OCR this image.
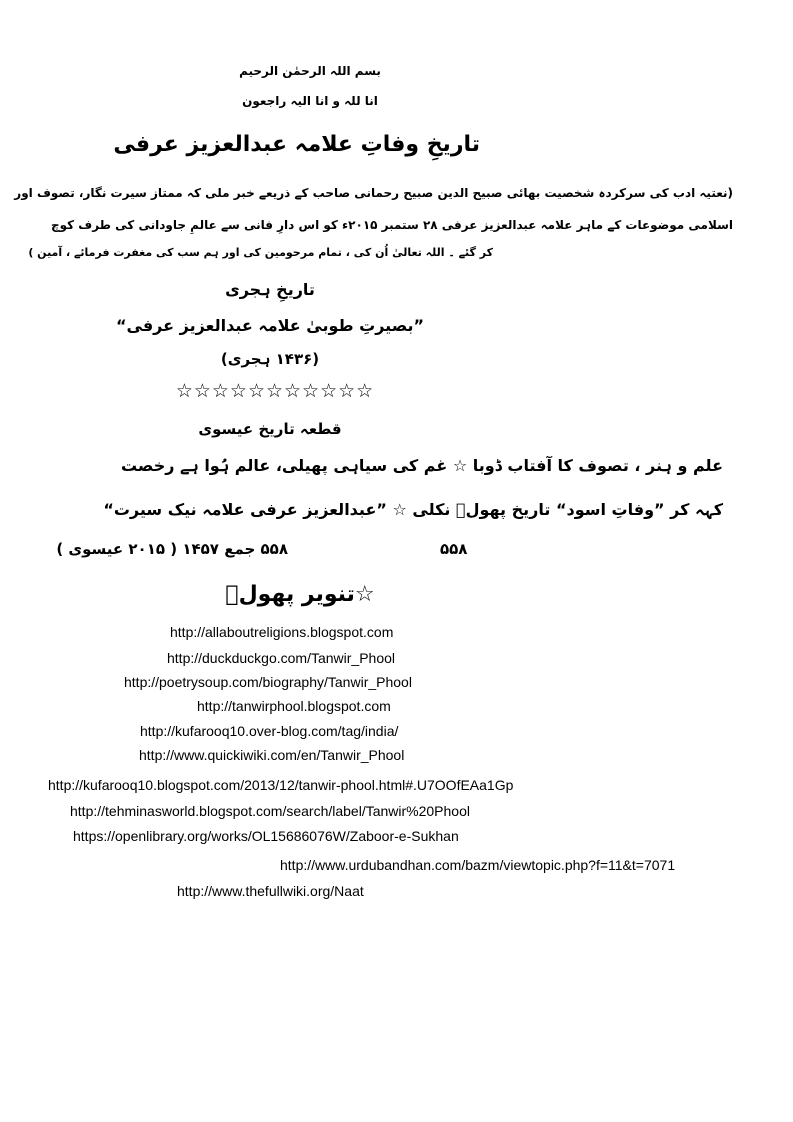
بسم اللہ الرحمٰن الرحیم
انا للہ و انا الیہ راجعون
تاریخِ وفاتِ علامہ عبدالعزیز عرفی
(نعتیہ ادب کی سرکردہ شخصیت بھائی صبیح الدین صبیح رحمانی صاحب کے ذریعے خبر ملی کہ ممتاز سیرت نگار، تصوف اور
اسلامی موضوعات کے ماہر علامہ عبدالعزیز عرفی ۲۸ ستمبر ۲۰۱۵ء کو اس دارِ فانی سے عالمِ جاودانی کی طرف کوچ
کر گئے ۔ اللہ تعالیٰ اُن کی ، تمام مرحومین کی اور ہم سب کی مغفرت فرمائے ، آمین )
تاریخِ ہجری
”بصیرتِ طوبیٰ علامہ عبدالعزیز عرفی“
(۱۴۳۶ ہجری)
☆☆☆☆☆☆☆☆☆☆☆
قطعہ تاریخ عیسوی
علم و ہنر ، تصوف کا آفتاب ڈوبا ☆ غم کی سیاہی پھیلی، عالم ہُوا ہے رخصت
کہہ کر ”وفاتِ اسود“ تاریخ پھولؔ نکلی ☆ ”عبدالعزیز عرفی علامہ نیک سیرت“
۵۵۸
۵۵۸ جمع ۱۴۵۷ ( ۲۰۱۵ عیسوی )
☆تنویر پھولؔ
http://allaboutreligions.blogspot.com
http://duckduckgo.com/Tanwir_Phool
http://poetrysoup.com/biography/Tanwir_Phool
http://tanwirphool.blogspot.com
http://kufarooq10.over-blog.com/tag/india/
http://www.quickiwiki.com/en/Tanwir_Phool
http://kufarooq10.blogspot.com/2013/12/tanwir-phool.html#.U7OOfEAa1Gp
http://tehminasworld.blogspot.com/search/label/Tanwir%20Phool
https://openlibrary.org/works/OL15686076W/Zaboor-e-Sukhan
http://www.urdubandhan.com/bazm/viewtopic.php?f=11&t=7071
http://www.thefullwiki.org/Naat
